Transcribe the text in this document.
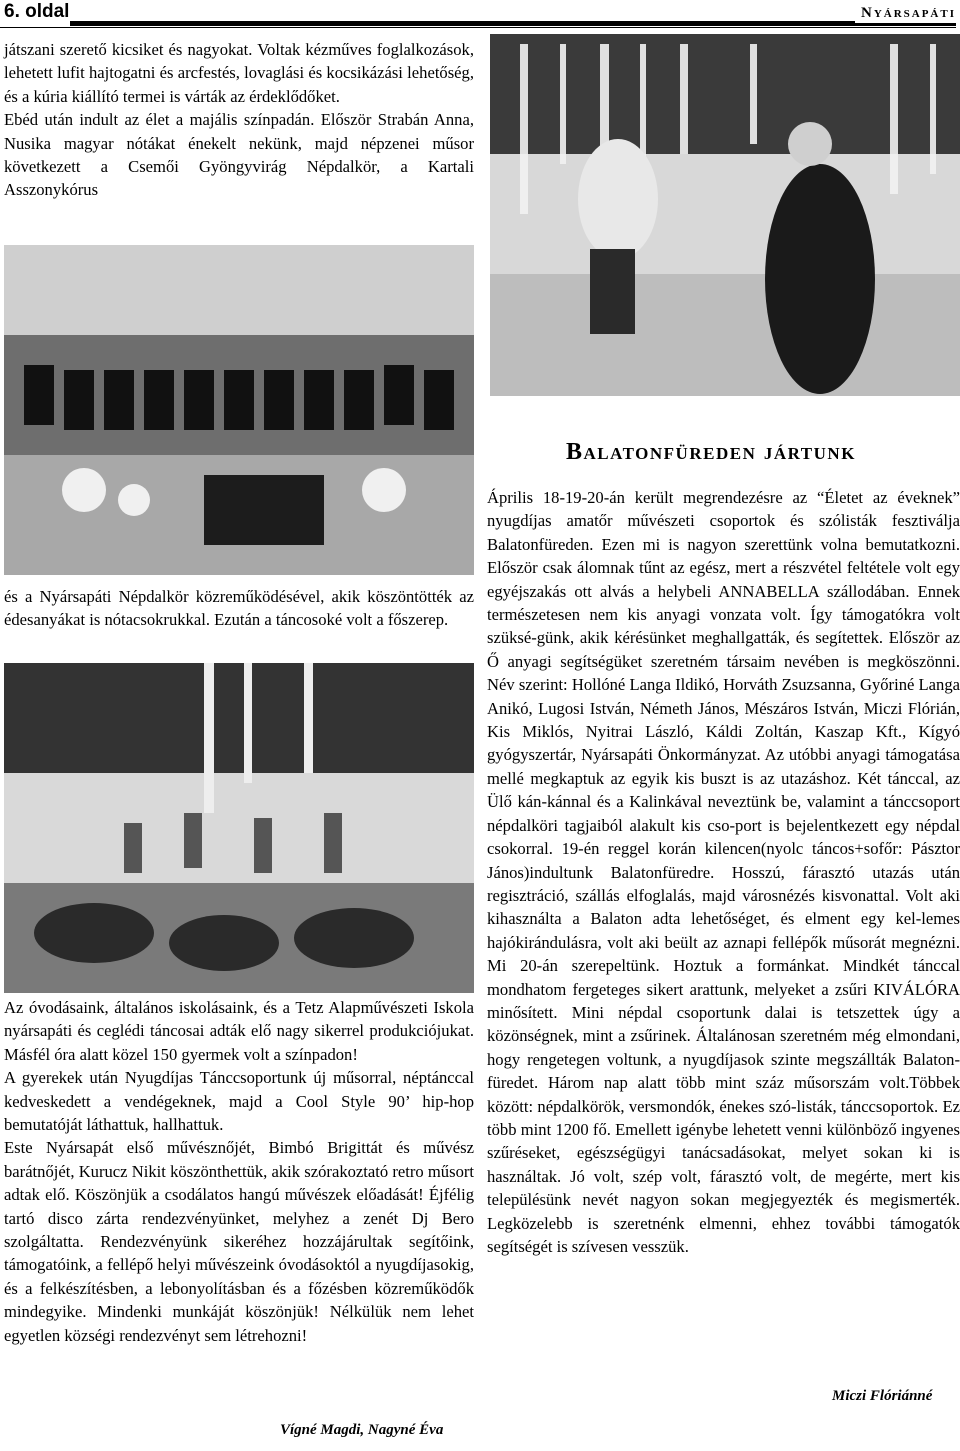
6. oldal	Nyársapáti

játszani szerető kicsiket és nagyokat. Voltak kézműves foglalkozások, lehetett lufit hajtogatni és arcfestés, lovaglási és kocsikázási lehetőség, és a kúria kiállító termei is várták az érdeklődőket.

Ebéd után indult az élet a majális színpadán. Először Strabán Anna, Nusika magyar nótákat énekelt nekünk, majd népzenei műsor következett a Csemői Gyöngyvirág Népdalkör, a Kartali Asszonykórus

Balatonfüreden jártunk

Április 18-19-20-án került megrendezésre az “Életet az éveknek” nyugdíjas amatőr művészeti csoportok és szólisták fesztiválja Balatonfüreden. Ezen mi is nagyon szerettünk volna bemutatkozni. Először csak álomnak tűnt az egész, mert a részvétel feltétele volt egy egyéjszakás ott alvás a helybeli ANNABELLA szállodában. Ennek természetesen nem kis anyagi vonzata volt. Így támogatókra volt szüksé-günk, akik kérésünket meghallgatták, és segítettek. Először az Ő anyagi segítségüket szeretném társaim nevében is megköszönni. Név szerint: Hollóné Langa Ildikó, Horváth Zsuzsanna, Győriné Langa Anikó, Lugosi István, Németh János, Mészáros István, Miczi Flórián, Kis Miklós, Nyitrai László, Káldi Zoltán, Kaszap Kft., Kígyó gyógyszertár, Nyársapáti Önkormányzat. Az utóbbi anyagi támogatása mellé megkaptuk az egyik kis buszt is az utazáshoz. Két tánccal, az Ülő kán-kánnal és a Kalinkával neveztünk be, valamint a tánccsoport népdalköri tagjaiból alakult kis cso-port is bejelentkezett egy népdal csokorral. 19-én reggel korán kilencen(nyolc táncos+sofőr: Pásztor János)indultunk Balatonfüredre. Hosszú, fárasztó utazás után regisztráció, szállás elfoglalás, majd városnézés kisvonattal. Volt aki kihasználta a Balaton adta lehetőséget, és elment egy kel-lemes hajókirándulásra, volt aki beült az aznapi fellépők műsorát megnézni. Mi 20-án szerepeltünk. Hoztuk a formánkat. Mindkét tánccal mondhatom fergeteges sikert arattunk, melyeket a zsűri KIVÁLÓRA minősített. Mini népdal csoportunk dalai is tetszettek úgy a közönségnek, mint a zsűrinek. Általánosan szeretném még elmondani, hogy rengetegen voltunk, a nyugdíjasok szinte megszállták Balaton-füredet. Három nap alatt több mint száz műsorszám volt.Többek között: népdalkörök, versmondók, énekes szó-listák, tánccsoportok. Ez több mint 1200 fő. Emellett igénybe lehetett venni különböző ingyenes szűréseket, egészségügyi tanácsadásokat, melyet sokan ki is használtak. Jó volt, szép volt, fárasztó volt, de megérte, mert kis településünk nevét nagyon sokan megjegyezték és megismerték. Legközelebb is szeretnénk elmenni, ehhez további támogatók segítségét is szívesen vesszük.

és a Nyársapáti Népdalkör közreműködésével, akik köszöntötték az édesanyákat is nótacsokrukkal. Ezután a táncosoké volt a főszerep.

Az óvodásaink, általános iskolásaink, és a Tetz Alapművészeti Iskola nyársapáti és ceglédi táncosai adták elő nagy sikerrel produkciójukat. Másfél óra alatt közel 150 gyermek volt a színpadon!

A gyerekek után Nyugdíjas Tánccsoportunk új műsorral, néptánccal kedveskedett a vendégeknek, majd a Cool Style 90’ hip-hop bemutatóját láthattuk, hallhattuk.

Este Nyársapát első művésznőjét, Bimbó Brigittát és művész barátnőjét, Kurucz Nikit köszönthettük, akik szórakoztató retro műsort adtak elő. Köszönjük a csodálatos hangú művészek előadását! Éjfélig tartó disco zárta rendezvényünket, melyhez a zenét Dj Bero szolgáltatta. Rendezvényünk sikeréhez hozzájárultak segítőink, támogatóink, a fellépő helyi művészeink óvodásoktól a nyugdíjasokig, és a felkészítésben, a lebonyolításban és a főzésben közreműködők mindegyike. Mindenki munkáját köszönjük! Nélkülük nem lehet egyetlen községi rendezvényt sem létrehozni!

Vígné Magdi, Nagyné Éva
Miczi Flóriánné
